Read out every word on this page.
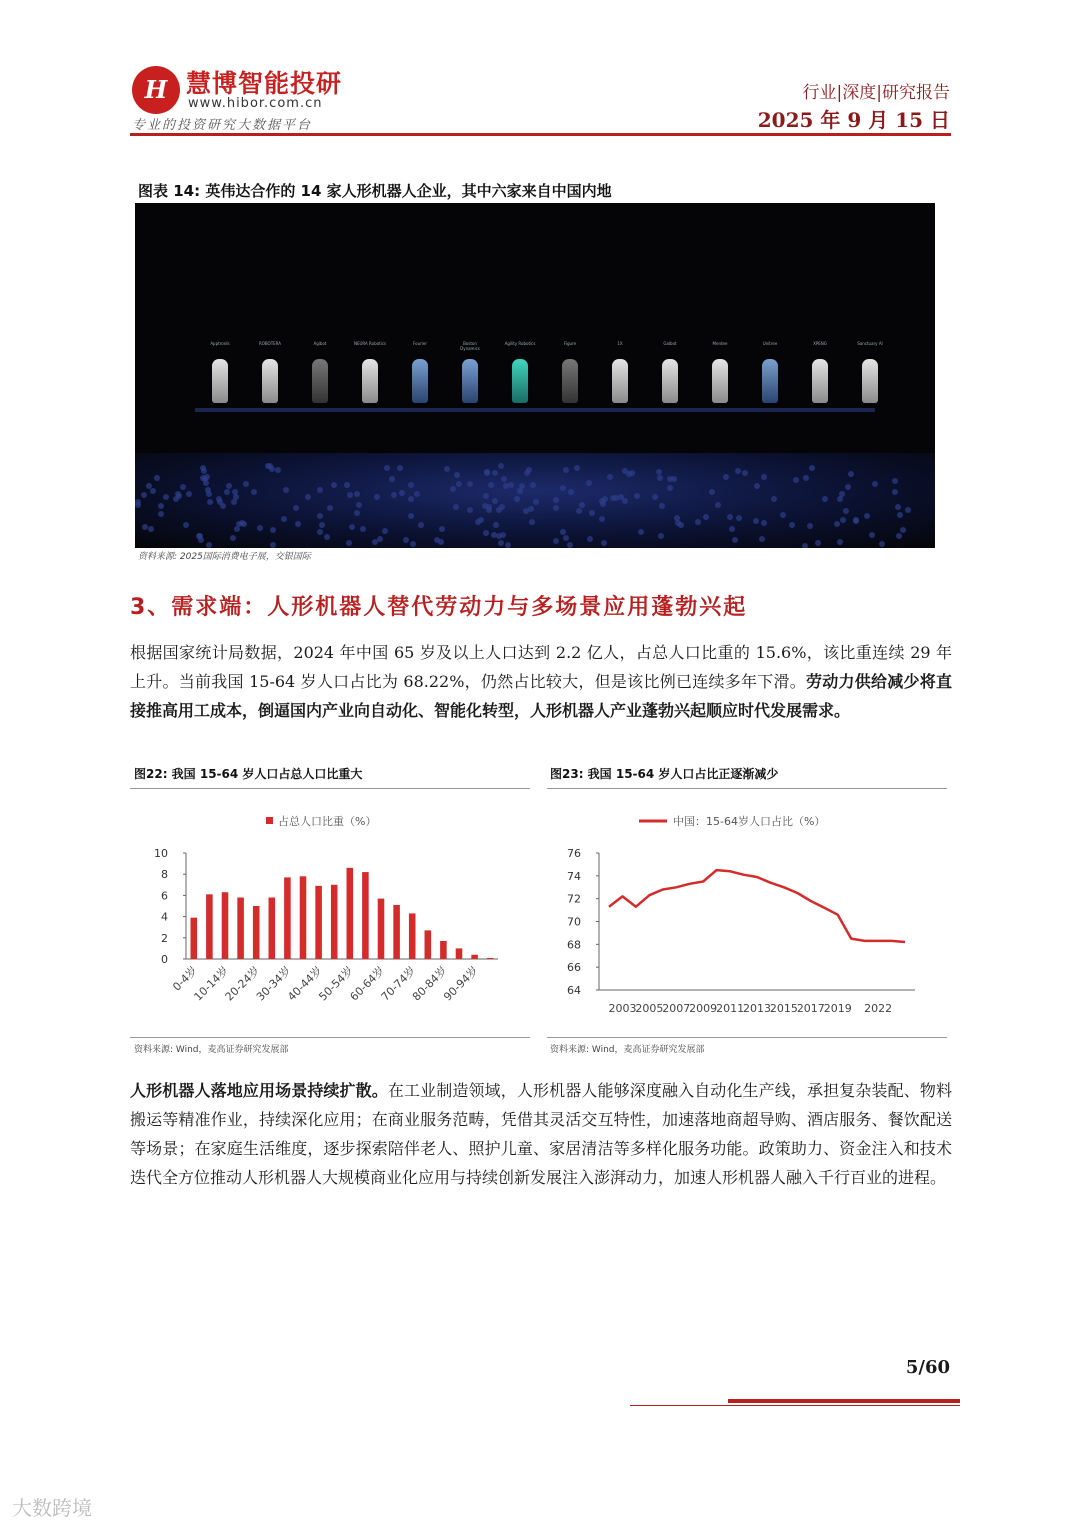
H 慧博智能投研
www.hibor.com.cn
专业的投资研究大数据平台
行业|深度|研究报告
2025 年 9 月 15 日
图表 14: 英伟达合作的 14 家人形机器人企业，其中六家来自中国内地
Apptronik	ROBOTERA	Agibot	NEURA Robotics	Fourier	Boston Dynamics
Agility Robotics	Figure	1X	Galbot	Mentee	Unitree	XPENG	Sanctuary AI
资料来源: 2025国际消费电子展，交银国际
3、需求端：人形机器人替代劳动力与多场景应用蓬勃兴起
根据国家统计局数据，2024 年中国 65 岁及以上人口达到 2.2 亿人，占总人口比重的 15.6%，该比重连续 29 年上升。当前我国 15-64 岁人口占比为 68.22%，仍然占比较大，但是该比例已连续多年下滑。劳动力供给减少将直接推高用工成本，倒逼国内产业向自动化、智能化转型，人形机器人产业蓬勃兴起顺应时代发展需求。
图22: 我国 15-64 岁人口占总人口比重大
占总人口比重（%）
0
2
4
6
8
10
0-4岁
10-14岁
20-24岁
30-34岁
40-44岁
50-54岁
60-64岁
70-74岁
80-84岁
90-94岁
资料来源: Wind，麦高证券研究发展部
图23: 我国 15-64 岁人口占比正逐渐减少
中国：15-64岁人口占比（%）
64
66
68
70
72
74
76
2003
2005
2007
2009
2011
2013
2015
2017
2019 2022
资料来源: Wind，麦高证券研究发展部
人形机器人落地应用场景持续扩散。在工业制造领域，人形机器人能够深度融入自动化生产线，承担复杂装配、物料搬运等精准作业，持续深化应用；在商业服务范畴，凭借其灵活交互特性，加速落地商超导购、酒店服务、餐饮配送等场景；在家庭生活维度，逐步探索陪伴老人、照护儿童、家居清洁等多样化服务功能。政策助力、资金注入和技术迭代全方位推动人形机器人大规模商业化应用与持续创新发展注入澎湃动力，加速人形机器人融入千行百业的进程。
5/60
大数跨境
